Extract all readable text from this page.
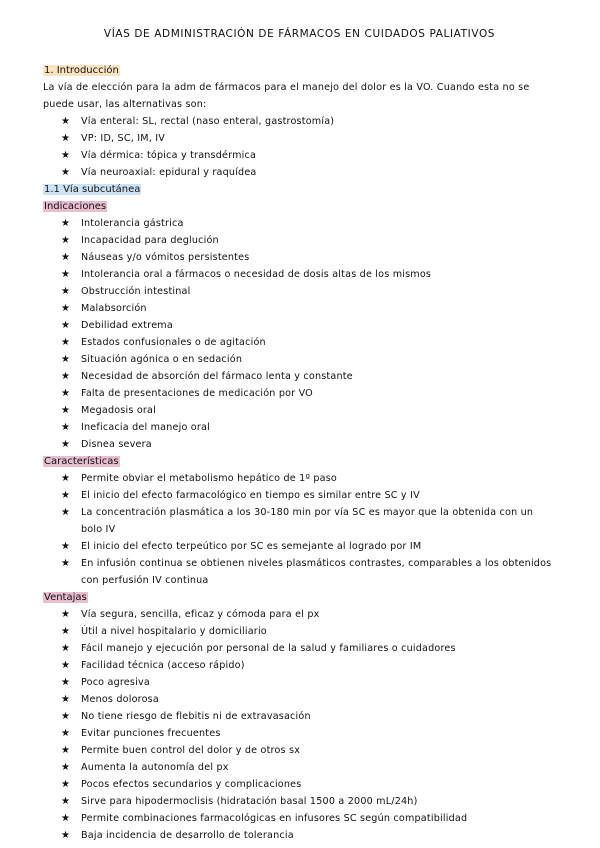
VÍAS DE ADMINISTRACIÓN DE FÁRMACOS EN CUIDADOS PALIATIVOS

1. Introducción

La vía de elección para la adm de fármacos para el manejo del dolor es la VO. Cuando esta no se puede usar, las alternativas son:

★ Vía enteral: SL, rectal (naso enteral, gastrostomía)
★ VP: ID, SC, IM, IV
★ Vía dérmica: tópica y transdérmica
★ Vía neuroaxial: epidural y raquídea

1.1 Vía subcutánea

Indicaciones

★ Intolerancia gástrica
★ Incapacidad para deglución
★ Náuseas y/o vómitos persistentes
★ Intolerancia oral a fármacos o necesidad de dosis altas de los mismos
★ Obstrucción intestinal
★ Malabsorción
★ Debilidad extrema
★ Estados confusionales o de agitación
★ Situación agónica o en sedación
★ Necesidad de absorción del fármaco lenta y constante
★ Falta de presentaciones de medicación por VO
★ Megadosis oral
★ Ineficacia del manejo oral
★ Disnea severa

Características

★ Permite obviar el metabolismo hepático de 1º paso
★ El inicio del efecto farmacológico en tiempo es similar entre SC y IV
★ La concentración plasmática a los 30-180 min por vía SC es mayor que la obtenida con un bolo IV
★ El inicio del efecto terpeútico por SC es semejante al logrado por IM
★ En infusión continua se obtienen niveles plasmáticos contrastes, comparables a los obtenidos con perfusión IV continua

Ventajas

★ Vía segura, sencilla, eficaz y cómoda para el px
★ Útil a nivel hospitalario y domiciliario
★ Fácil manejo y ejecución por personal de la salud y familiares o cuidadores
★ Facilidad técnica (acceso rápido)
★ Poco agresiva
★ Menos dolorosa
★ No tiene riesgo de flebitis ni de extravasación
★ Evitar punciones frecuentes
★ Permite buen control del dolor y de otros sx
★ Aumenta la autonomía del px
★ Pocos efectos secundarios y complicaciones
★ Sirve para hipodermoclisis (hidratación basal 1500 a 2000 mL/24h)
★ Permite combinaciones farmacológicas en infusores SC según compatibilidad
★ Baja incidencia de desarrollo de tolerancia
